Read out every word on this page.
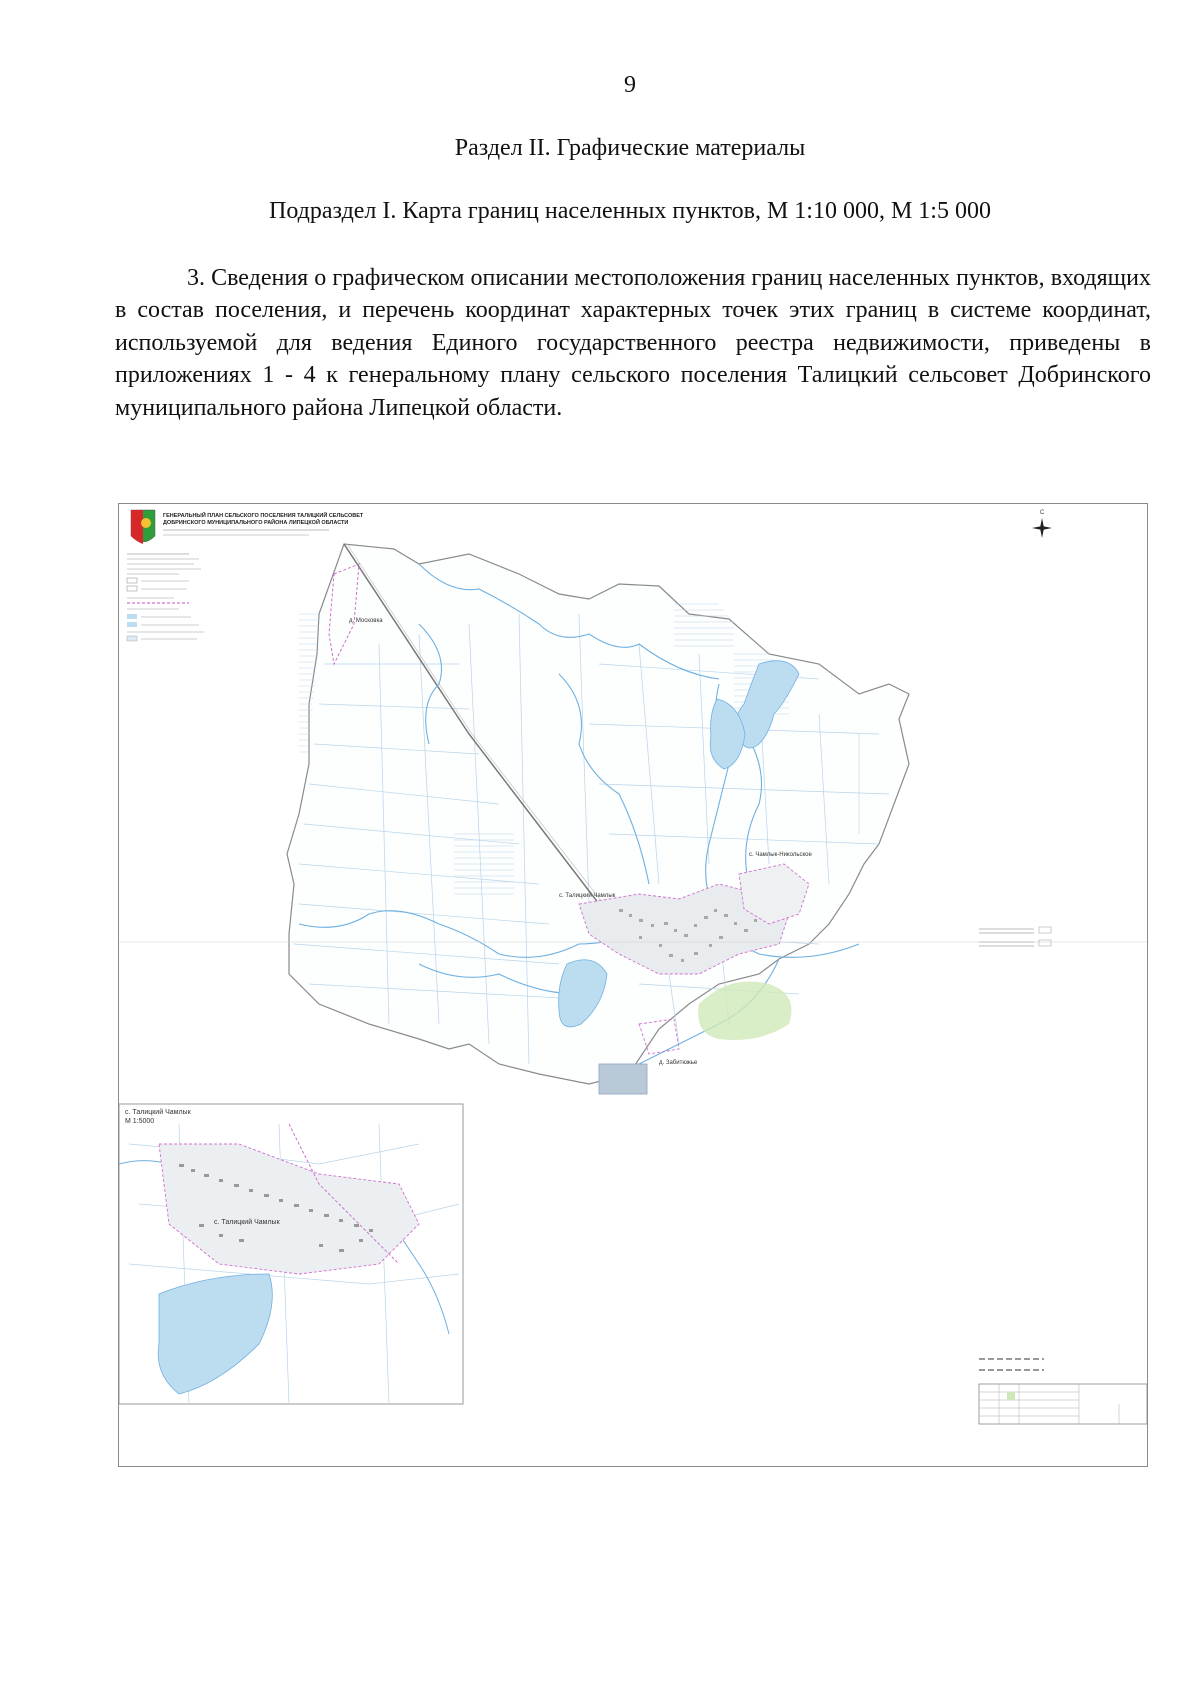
9
Раздел II. Графические материалы
Подраздел I. Карта границ населенных пунктов, М 1:10 000, М 1:5 000

3. Сведения о графическом описании местоположения границ населенных пунктов, входящих в состав поселения, и перечень координат характерных точек этих границ в системе координат, используемой для ведения Единого государственного реестра недвижимости, приведены в приложениях 1 - 4 к генеральному плану сельского поселения Талицкий сельсовет Добринского муниципального района Липецкой области.

ГЕНЕРАЛЬНЫЙ ПЛАН СЕЛЬСКОГО ПОСЕЛЕНИЯ ТАЛИЦКИЙ СЕЛЬСОВЕТ
ДОБРИНСКОГО МУНИЦИПАЛЬНОГО РАЙОНА ЛИПЕЦКОЙ ОБЛАСТИ
С
д. Московка
с. Талицкий Чамлык
с. Чамлык-Никольское
д. Забитюжье
с. Талицкий Чамлык
М 1:5000
с. Талицкий Чамлык
